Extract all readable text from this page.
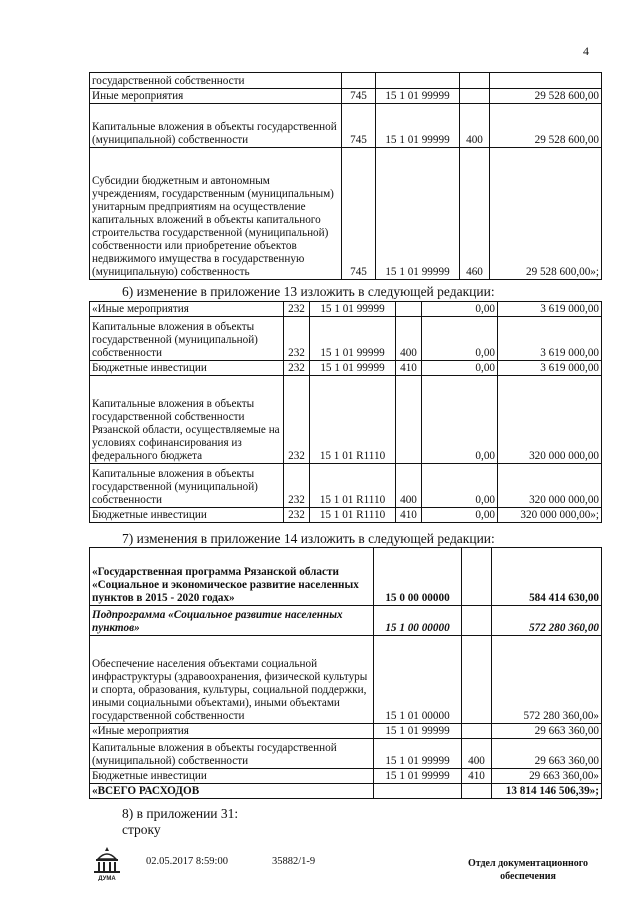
4
государственной собственности				
Иные мероприятия	745	15 1 01 99999		29 528 600,00
Капитальные вложения в объекты государственной (муниципальной) собственности	745	15 1 01 99999	400	29 528 600,00
Субсидии бюджетным и автономным учреждениям, государственным (муниципальным) унитарным предприятиям на осуществление капитальных вложений в объекты капитального строительства государственной (муниципальной) собственности или приобретение объектов недвижимого имущества в государственную (муниципальную) собственность	745	15 1 01 99999	460	29 528 600,00»;
6) изменение в приложение 13 изложить в следующей редакции:
«Иные мероприятия	232	15 1 01 99999		0,00	3 619 000,00
Капитальные вложения в объекты государственной (муниципальной) собственности	232	15 1 01 99999	400	0,00	3 619 000,00
Бюджетные инвестиции	232	15 1 01 99999	410	0,00	3 619 000,00
Капитальные вложения в объекты государственной собственности Рязанской области, осуществляемые на условиях софинансирования из федерального бюджета	232	15 1 01 R1110		0,00	320 000 000,00
Капитальные вложения в объекты государственной (муниципальной) собственности	232	15 1 01 R1110	400	0,00	320 000 000,00
Бюджетные инвестиции	232	15 1 01 R1110	410	0,00	320 000 000,00»;
7) изменения в приложение 14 изложить в следующей редакции:
«Государственная программа Рязанской области «Социальное и экономическое развитие населенных пунктов в 2015 - 2020 годах»	15 0 00 00000		584 414 630,00
Подпрограмма «Социальное развитие населенных пунктов»	15 1 00 00000		572 280 360,00
Обеспечение населения объектами социальной инфраструктуры (здравоохранения, физической культуры и спорта, образования, культуры, социальной поддержки, иными социальными объектами), иными объектами государственной собственности	15 1 01 00000		572 280 360,00»
«Иные мероприятия	15 1 01 99999		29 663 360,00
Капитальные вложения в объекты государственной (муниципальной) собственности	15 1 01 99999	400	29 663 360,00
Бюджетные инвестиции	15 1 01 99999	410	29 663 360,00»
«ВСЕГО РАСХОДОВ			13 814 146 506,39»;
8) в приложении 31:
строку
ДУМА
02.05.2017 8:59:00	35882/1-9	Отдел документационного
обеспечения
